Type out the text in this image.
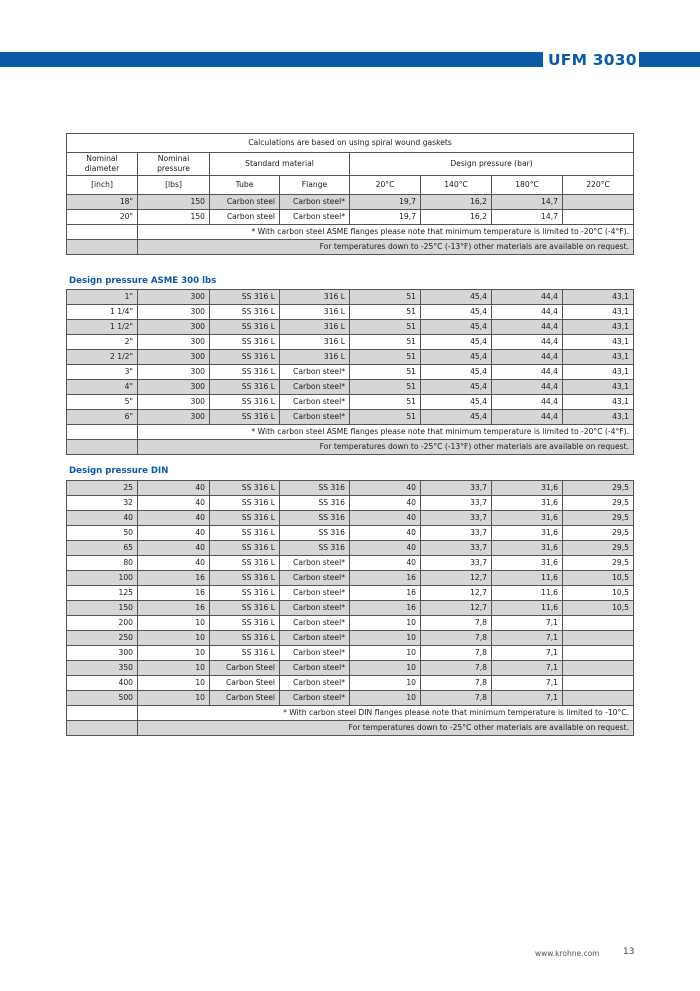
UFM 3030
Calculations are based on using spiral wound gaskets							
Nominal diameter	Nominal pressure	Standard material		Design pressure (bar)			
[inch]	[lbs]	Tube	Flange	20°C	140°C	180°C	220°C
18"	150	Carbon steel	Carbon steel*	19,7	16,2	14,7	
20"	150	Carbon steel	Carbon steel*	19,7	16,2	14,7	
	* With carbon steel ASME flanges please note that minimum temperature is limited to -20°C (-4°F).						
	For temperatures down to -25°C (-13°F) other materials are available on request.						
Design pressure ASME 300 lbs
1"	300	SS 316 L	316 L	51	45,4	44,4	43,1
1 1/4"	300	SS 316 L	316 L	51	45,4	44,4	43,1
1 1/2"	300	SS 316 L	316 L	51	45,4	44,4	43,1
2"	300	SS 316 L	316 L	51	45,4	44,4	43,1
2 1/2"	300	SS 316 L	316 L	51	45,4	44,4	43,1
3"	300	SS 316 L	Carbon steel*	51	45,4	44,4	43,1
4"	300	SS 316 L	Carbon steel*	51	45,4	44,4	43,1
5"	300	SS 316 L	Carbon steel*	51	45,4	44,4	43,1
6"	300	SS 316 L	Carbon steel*	51	45,4	44,4	43,1
	* With carbon steel ASME flanges please note that minimum temperature is limited to -20°C (-4°F).						
	For temperatures down to -25°C (-13°F) other materials are available on request.						
Design pressure DIN
25	40	SS 316 L	SS 316	40	33,7	31,6	29,5
32	40	SS 316 L	SS 316	40	33,7	31,6	29,5
40	40	SS 316 L	SS 316	40	33,7	31,6	29,5
50	40	SS 316 L	SS 316	40	33,7	31,6	29,5
65	40	SS 316 L	SS 316	40	33,7	31,6	29,5
80	40	SS 316 L	Carbon steel*	40	33,7	31,6	29,5
100	16	SS 316 L	Carbon steel*	16	12,7	11,6	10,5
125	16	SS 316 L	Carbon steel*	16	12,7	11,6	10,5
150	16	SS 316 L	Carbon steel*	16	12,7	11,6	10,5
200	10	SS 316 L	Carbon steel*	10	7,8	7,1	
250	10	SS 316 L	Carbon steel*	10	7,8	7,1	
300	10	SS 316 L	Carbon steel*	10	7,8	7,1	
350	10	Carbon Steel	Carbon steel*	10	7,8	7,1	
400	10	Carbon Steel	Carbon steel*	10	7,8	7,1	
500	10	Carbon Steel	Carbon steel*	10	7,8	7,1	
	* With carbon steel DIN flanges please note that minimum temperature is limited to -10°C.						
	For temperatures down to -25°C other materials are available on request.						
www.krohne.com	13
